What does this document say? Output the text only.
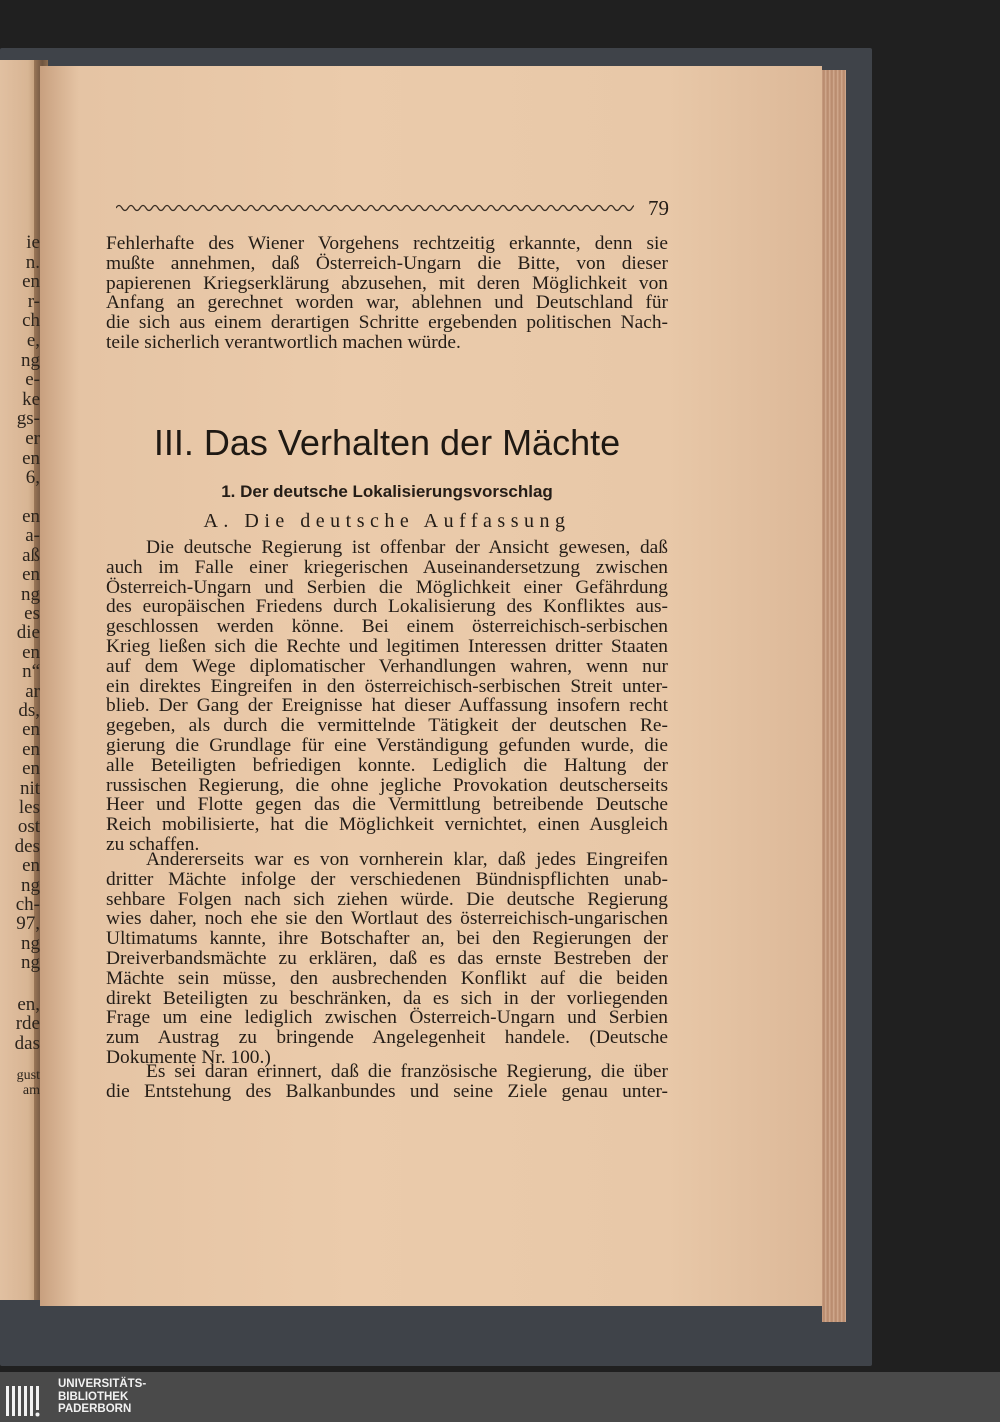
ie
n.
en
r-
ch
e,
ng
e-
ke
gs-
er
en
6,
en
a-
aß
en
ng
es
die
en
n“
ar
ds,
en
en
en
nit
les
ost
des
en
ng
ch-
97,
ng
ng
en,
rde
das
gust
am
79
Fehlerhafte des Wiener Vorgehens rechtzeitig erkannte, denn sie
mußte annehmen, daß Österreich-Ungarn die Bitte, von dieser
papierenen Kriegserklärung abzusehen, mit deren Möglichkeit von
Anfang an gerechnet worden war, ablehnen und Deutschland für
die sich aus einem derartigen Schritte ergebenden politischen Nach-
teile sicherlich verantwortlich machen würde.
III. Das Verhalten der Mächte
1. Der deutsche Lokalisierungsvorschlag
A. Die deutsche Auffassung
Die deutsche Regierung ist offenbar der Ansicht gewesen, daß
auch im Falle einer kriegerischen Auseinandersetzung zwischen
Österreich-Ungarn und Serbien die Möglichkeit einer Gefährdung
des europäischen Friedens durch Lokalisierung des Konfliktes aus-
geschlossen werden könne. Bei einem österreichisch-serbischen
Krieg ließen sich die Rechte und legitimen Interessen dritter Staaten
auf dem Wege diplomatischer Verhandlungen wahren, wenn nur
ein direktes Eingreifen in den österreichisch-serbischen Streit unter-
blieb. Der Gang der Ereignisse hat dieser Auffassung insofern recht
gegeben, als durch die vermittelnde Tätigkeit der deutschen Re-
gierung die Grundlage für eine Verständigung gefunden wurde, die
alle Beteiligten befriedigen konnte. Lediglich die Haltung der
russischen Regierung, die ohne jegliche Provokation deutscherseits
Heer und Flotte gegen das die Vermittlung betreibende Deutsche
Reich mobilisierte, hat die Möglichkeit vernichtet, einen Ausgleich
zu schaffen.
Andererseits war es von vornherein klar, daß jedes Eingreifen
dritter Mächte infolge der verschiedenen Bündnispflichten unab-
sehbare Folgen nach sich ziehen würde. Die deutsche Regierung
wies daher, noch ehe sie den Wortlaut des österreichisch-ungarischen
Ultimatums kannte, ihre Botschafter an, bei den Regierungen der
Dreiverbandsmächte zu erklären, daß es das ernste Bestreben der
Mächte sein müsse, den ausbrechenden Konflikt auf die beiden
direkt Beteiligten zu beschränken, da es sich in der vorliegenden
Frage um eine lediglich zwischen Österreich-Ungarn und Serbien
zum Austrag zu bringende Angelegenheit handele. (Deutsche
Dokumente Nr. 100.)
Es sei daran erinnert, daß die französische Regierung, die über
die Entstehung des Balkanbundes und seine Ziele genau unter-
UNIVERSITÄTS-
BIBLIOTHEK
PADERBORN
